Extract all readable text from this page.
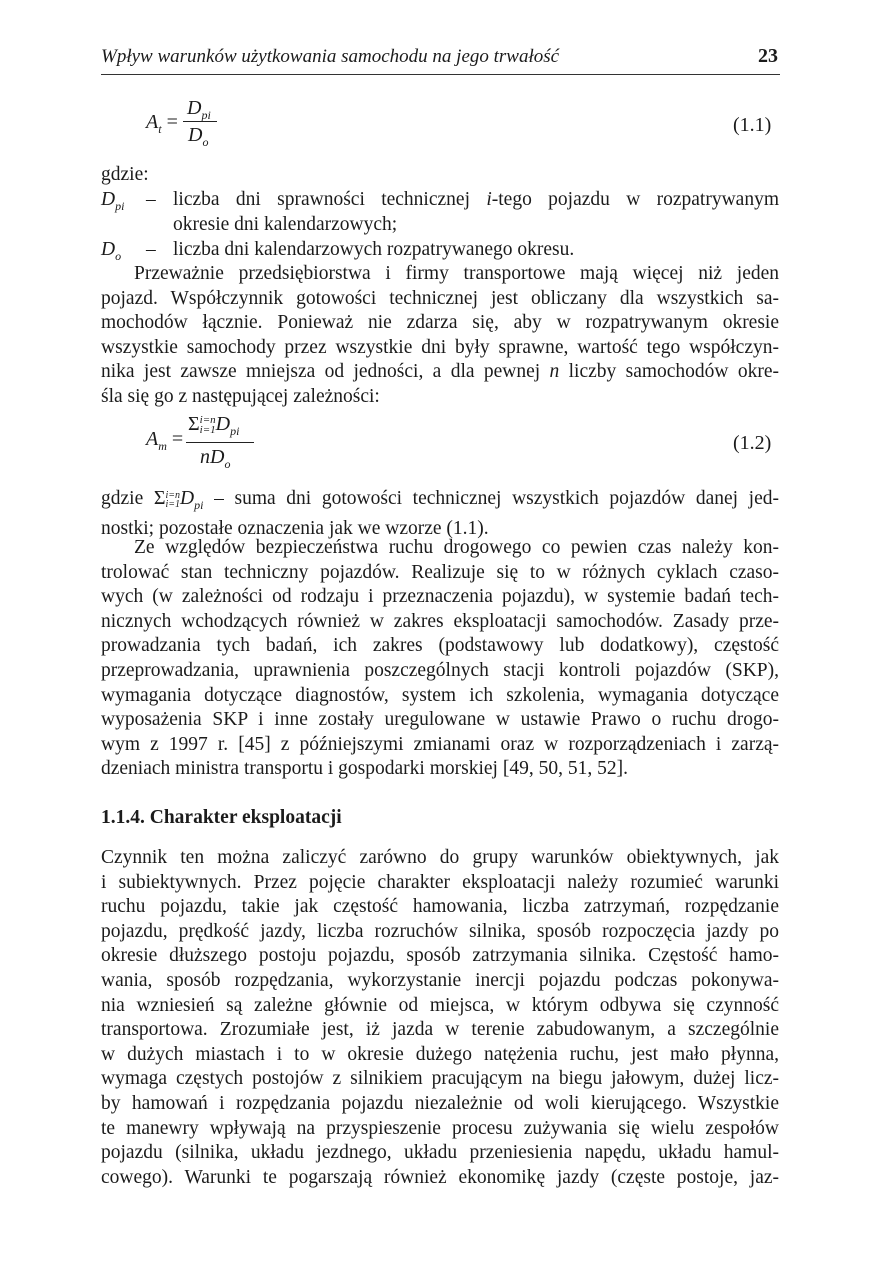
Wpływ warunków użytkowania samochodu na jego trwałość	23
$A_t$ =
$D_{pi}$
$D_o$
(1.1)
gdzie:
$D_{pi}$ – liczba dni sprawności technicznej i-tego pojazdu w rozpatrywanym
okresie dni kalendarzowych;
$D_o$ – liczba dni kalendarzowych rozpatrywanego okresu.

Przeważnie przedsiębiorstwa i firmy transportowe mają więcej niż jeden

pojazd. Współczynnik gotowości technicznej jest obliczany dla wszystkich sa-

mochodów łącznie. Ponieważ nie zdarza się, aby w rozpatrywanym okresie

wszystkie samochody przez wszystkie dni były sprawne, wartość tego współczyn-

nika jest zawsze mniejsza od jedności, a dla pewnej n liczby samochodów okre-

śla się go z następującej zależności:

$A_m$ =
Σi=n
$i=1D_{pi}$
$nD_o$
(1.2)

gdzie Σi=n
$i=1D_{pi}$ – suma dni gotowości technicznej wszystkich pojazdów danej jed-

nostki; pozostałe oznaczenia jak we wzorze (1.1).

Ze względów bezpieczeństwa ruchu drogowego co pewien czas należy kon-

trolować stan techniczny pojazdów. Realizuje się to w różnych cyklach czaso-

wych (w zależności od rodzaju i przeznaczenia pojazdu), w systemie badań tech-

nicznych wchodzących również w zakres eksploatacji samochodów. Zasady prze-

prowadzania tych badań, ich zakres (podstawowy lub dodatkowy), częstość

przeprowadzania, uprawnienia poszczególnych stacji kontroli pojazdów (SKP),

wymagania dotyczące diagnostów, system ich szkolenia, wymagania dotyczące

wyposażenia SKP i inne zostały uregulowane w ustawie Prawo o ruchu drogo-

wym z 1997 r. [45] z późniejszymi zmianami oraz w rozporządzeniach i zarzą-

dzeniach ministra transportu i gospodarki morskiej [49, 50, 51, 52].

1.1.4. Charakter eksploatacji

Czynnik ten można zaliczyć zarówno do grupy warunków obiektywnych, jak

i subiektywnych. Przez pojęcie charakter eksploatacji należy rozumieć warunki

ruchu pojazdu, takie jak częstość hamowania, liczba zatrzymań, rozpędzanie

pojazdu, prędkość jazdy, liczba rozruchów silnika, sposób rozpoczęcia jazdy po

okresie dłuższego postoju pojazdu, sposób zatrzymania silnika. Częstość hamo-

wania, sposób rozpędzania, wykorzystanie inercji pojazdu podczas pokonywa-

nia wzniesień są zależne głównie od miejsca, w którym odbywa się czynność

transportowa. Zrozumiałe jest, iż jazda w terenie zabudowanym, a szczególnie

w dużych miastach i to w okresie dużego natężenia ruchu, jest mało płynna,

wymaga częstych postojów z silnikiem pracującym na biegu jałowym, dużej licz-

by hamowań i rozpędzania pojazdu niezależnie od woli kierującego. Wszystkie

te manewry wpływają na przyspieszenie procesu zużywania się wielu zespołów

pojazdu (silnika, układu jezdnego, układu przeniesienia napędu, układu hamul-

cowego). Warunki te pogarszają również ekonomikę jazdy (częste postoje, jaz-
